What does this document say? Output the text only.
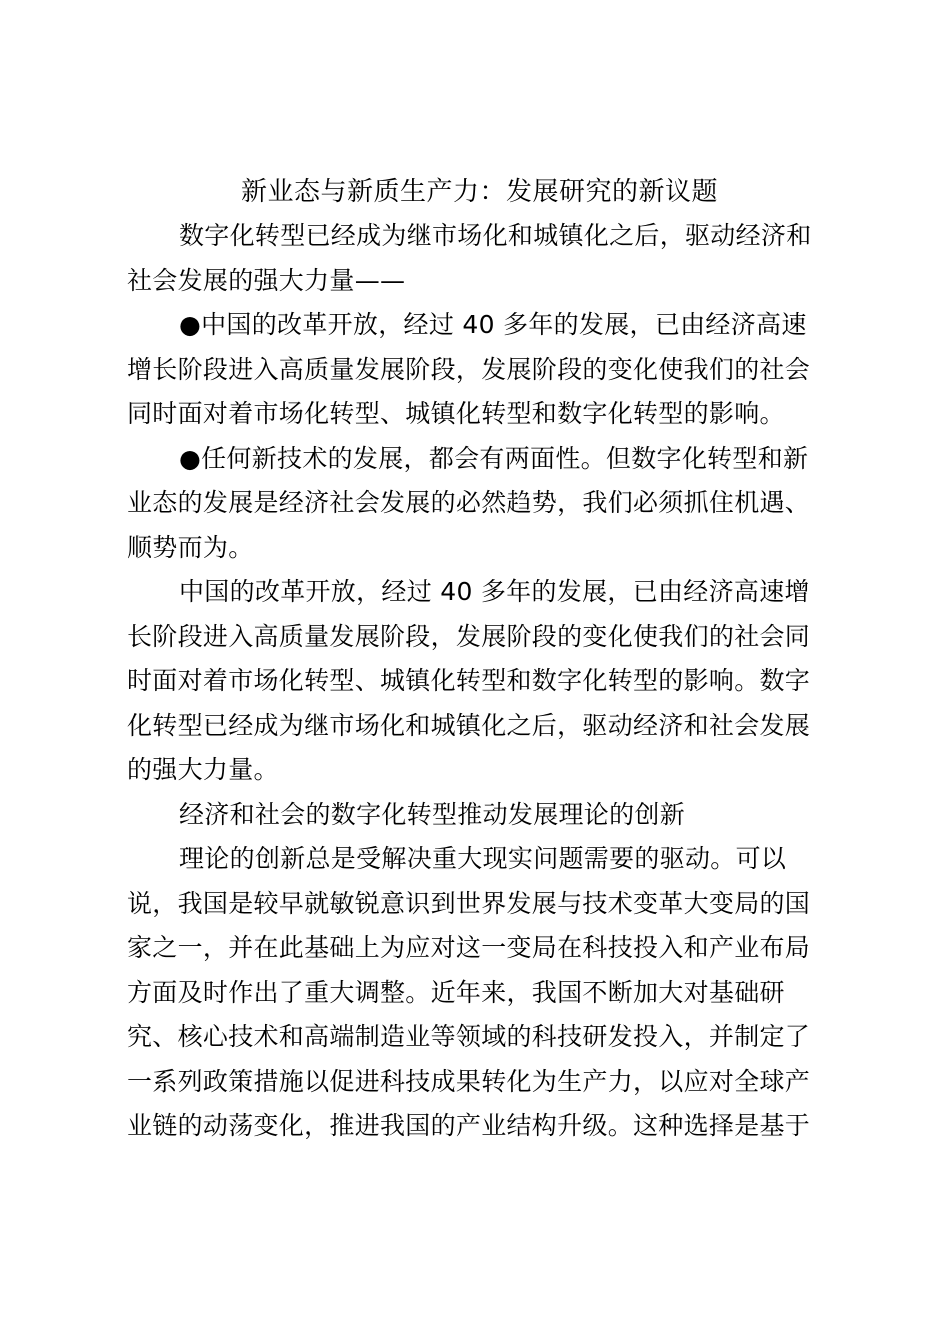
新业态与新质生产力：发展研究的新议题

数字化转型已经成为继市场化和城镇化之后，驱动经济和社会发展的强大力量——

●中国的改革开放，经过 40 多年的发展，已由经济高速增长阶段进入高质量发展阶段，发展阶段的变化使我们的社会同时面对着市场化转型、城镇化转型和数字化转型的影响。

●任何新技术的发展，都会有两面性。但数字化转型和新业态的发展是经济社会发展的必然趋势，我们必须抓住机遇、顺势而为。

中国的改革开放，经过 40 多年的发展，已由经济高速增长阶段进入高质量发展阶段，发展阶段的变化使我们的社会同时面对着市场化转型、城镇化转型和数字化转型的影响。数字化转型已经成为继市场化和城镇化之后，驱动经济和社会发展的强大力量。

经济和社会的数字化转型推动发展理论的创新

理论的创新总是受解决重大现实问题需要的驱动。可以说，我国是较早就敏锐意识到世界发展与技术变革大变局的国家之一，并在此基础上为应对这一变局在科技投入和产业布局方面及时作出了重大调整。近年来，我国不断加大对基础研究、核心技术和高端制造业等领域的科技研发投入，并制定了一系列政策措施以促进科技成果转化为生产力，以应对全球产业链的动荡变化，推进我国的产业结构升级。这种选择是基于
